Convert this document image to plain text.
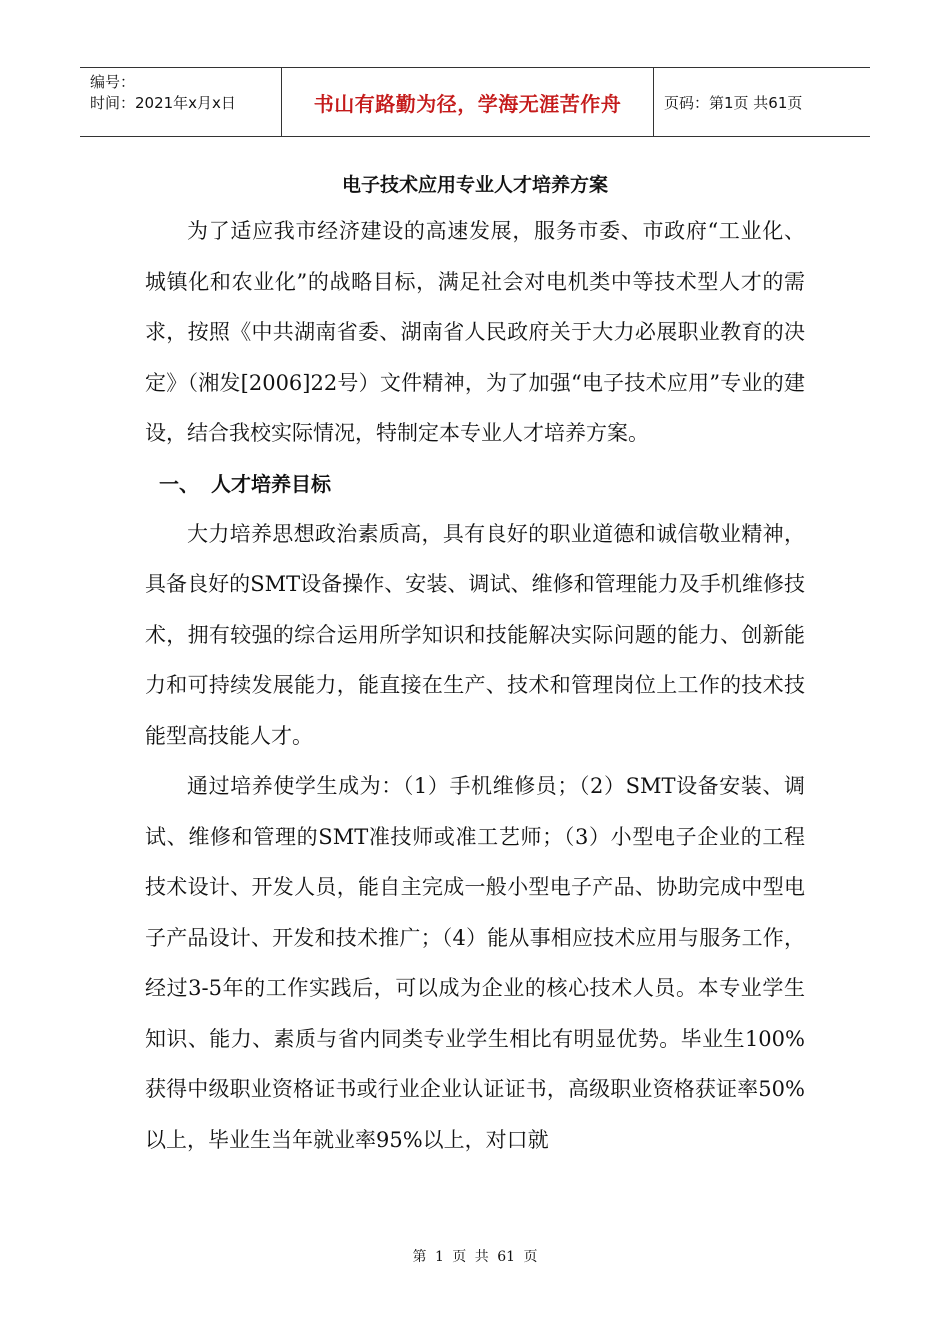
编号：
时间：2021年x月x日	书山有路勤为径，学海无涯苦作舟	页码：第1页 共61页
电子技术应用专业人才培养方案

为了适应我市经济建设的高速发展，服务市委、市政府“工业化、城镇化和农业化”的战略目标，满足社会对电机类中等技术型人才的需求，按照《中共湖南省委、湖南省人民政府关于大力必展职业教育的决定》（湘发[2006]22号）文件精神，为了加强“电子技术应用”专业的建设，结合我校实际情况，特制定本专业人才培养方案。

一、 人才培养目标

大力培养思想政治素质高，具有良好的职业道德和诚信敬业精神，具备良好的SMT设备操作、安装、调试、维修和管理能力及手机维修技术，拥有较强的综合运用所学知识和技能解决实际问题的能力、创新能力和可持续发展能力，能直接在生产、技术和管理岗位上工作的技术技能型高技能人才。

通过培养使学生成为：（1）手机维修员；（2）SMT设备安装、调试、维修和管理的SMT准技师或准工艺师；（3）小型电子企业的工程技术设计、开发人员，能自主完成一般小型电子产品、协助完成中型电子产品设计、开发和技术推广；（4）能从事相应技术应用与服务工作，经过3-5年的工作实践后，可以成为企业的核心技术人员。本专业学生知识、能力、素质与省内同类专业学生相比有明显优势。毕业生100%获得中级职业资格证书或行业企业认证证书，高级职业资格获证率50%以上，毕业生当年就业率95%以上，对口就

第 1 页 共 61 页
